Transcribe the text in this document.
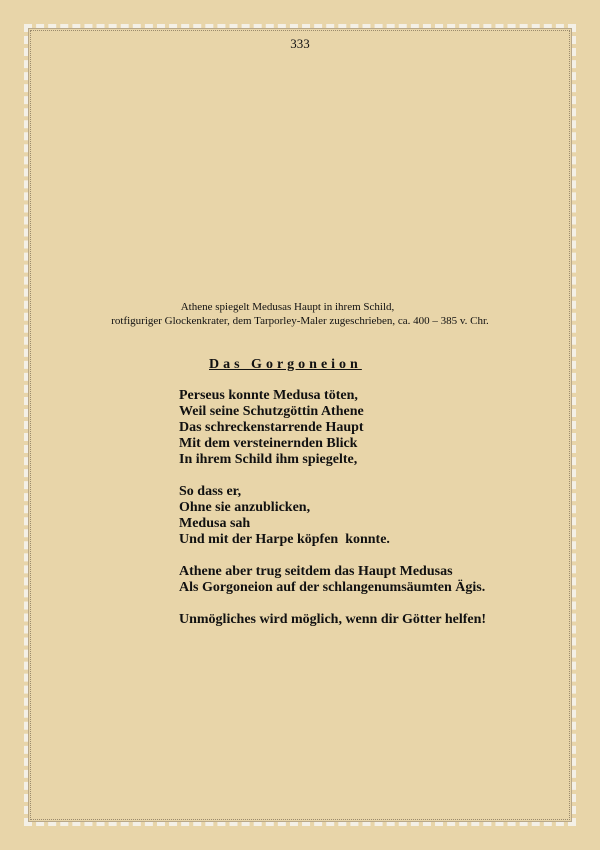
333
Athene spiegelt Medusas Haupt in ihrem Schild,
rotfiguriger Glockenkrater, dem Tarporley-Maler zugeschrieben, ca. 400 – 385 v. Chr.
Das Gorgoneion
Perseus konnte Medusa töten,
Weil seine Schutzgöttin Athene
Das schreckenstarrende Haupt
Mit dem versteinernden Blick
In ihrem Schild ihm spiegelte,
So dass er,
Ohne sie anzublicken,
Medusa sah
Und mit der Harpe köpfen  konnte.
Athene aber trug seitdem das Haupt Medusas
Als Gorgoneion auf der schlangenumsäumten Ägis.
Unmögliches wird möglich, wenn dir Götter helfen!
